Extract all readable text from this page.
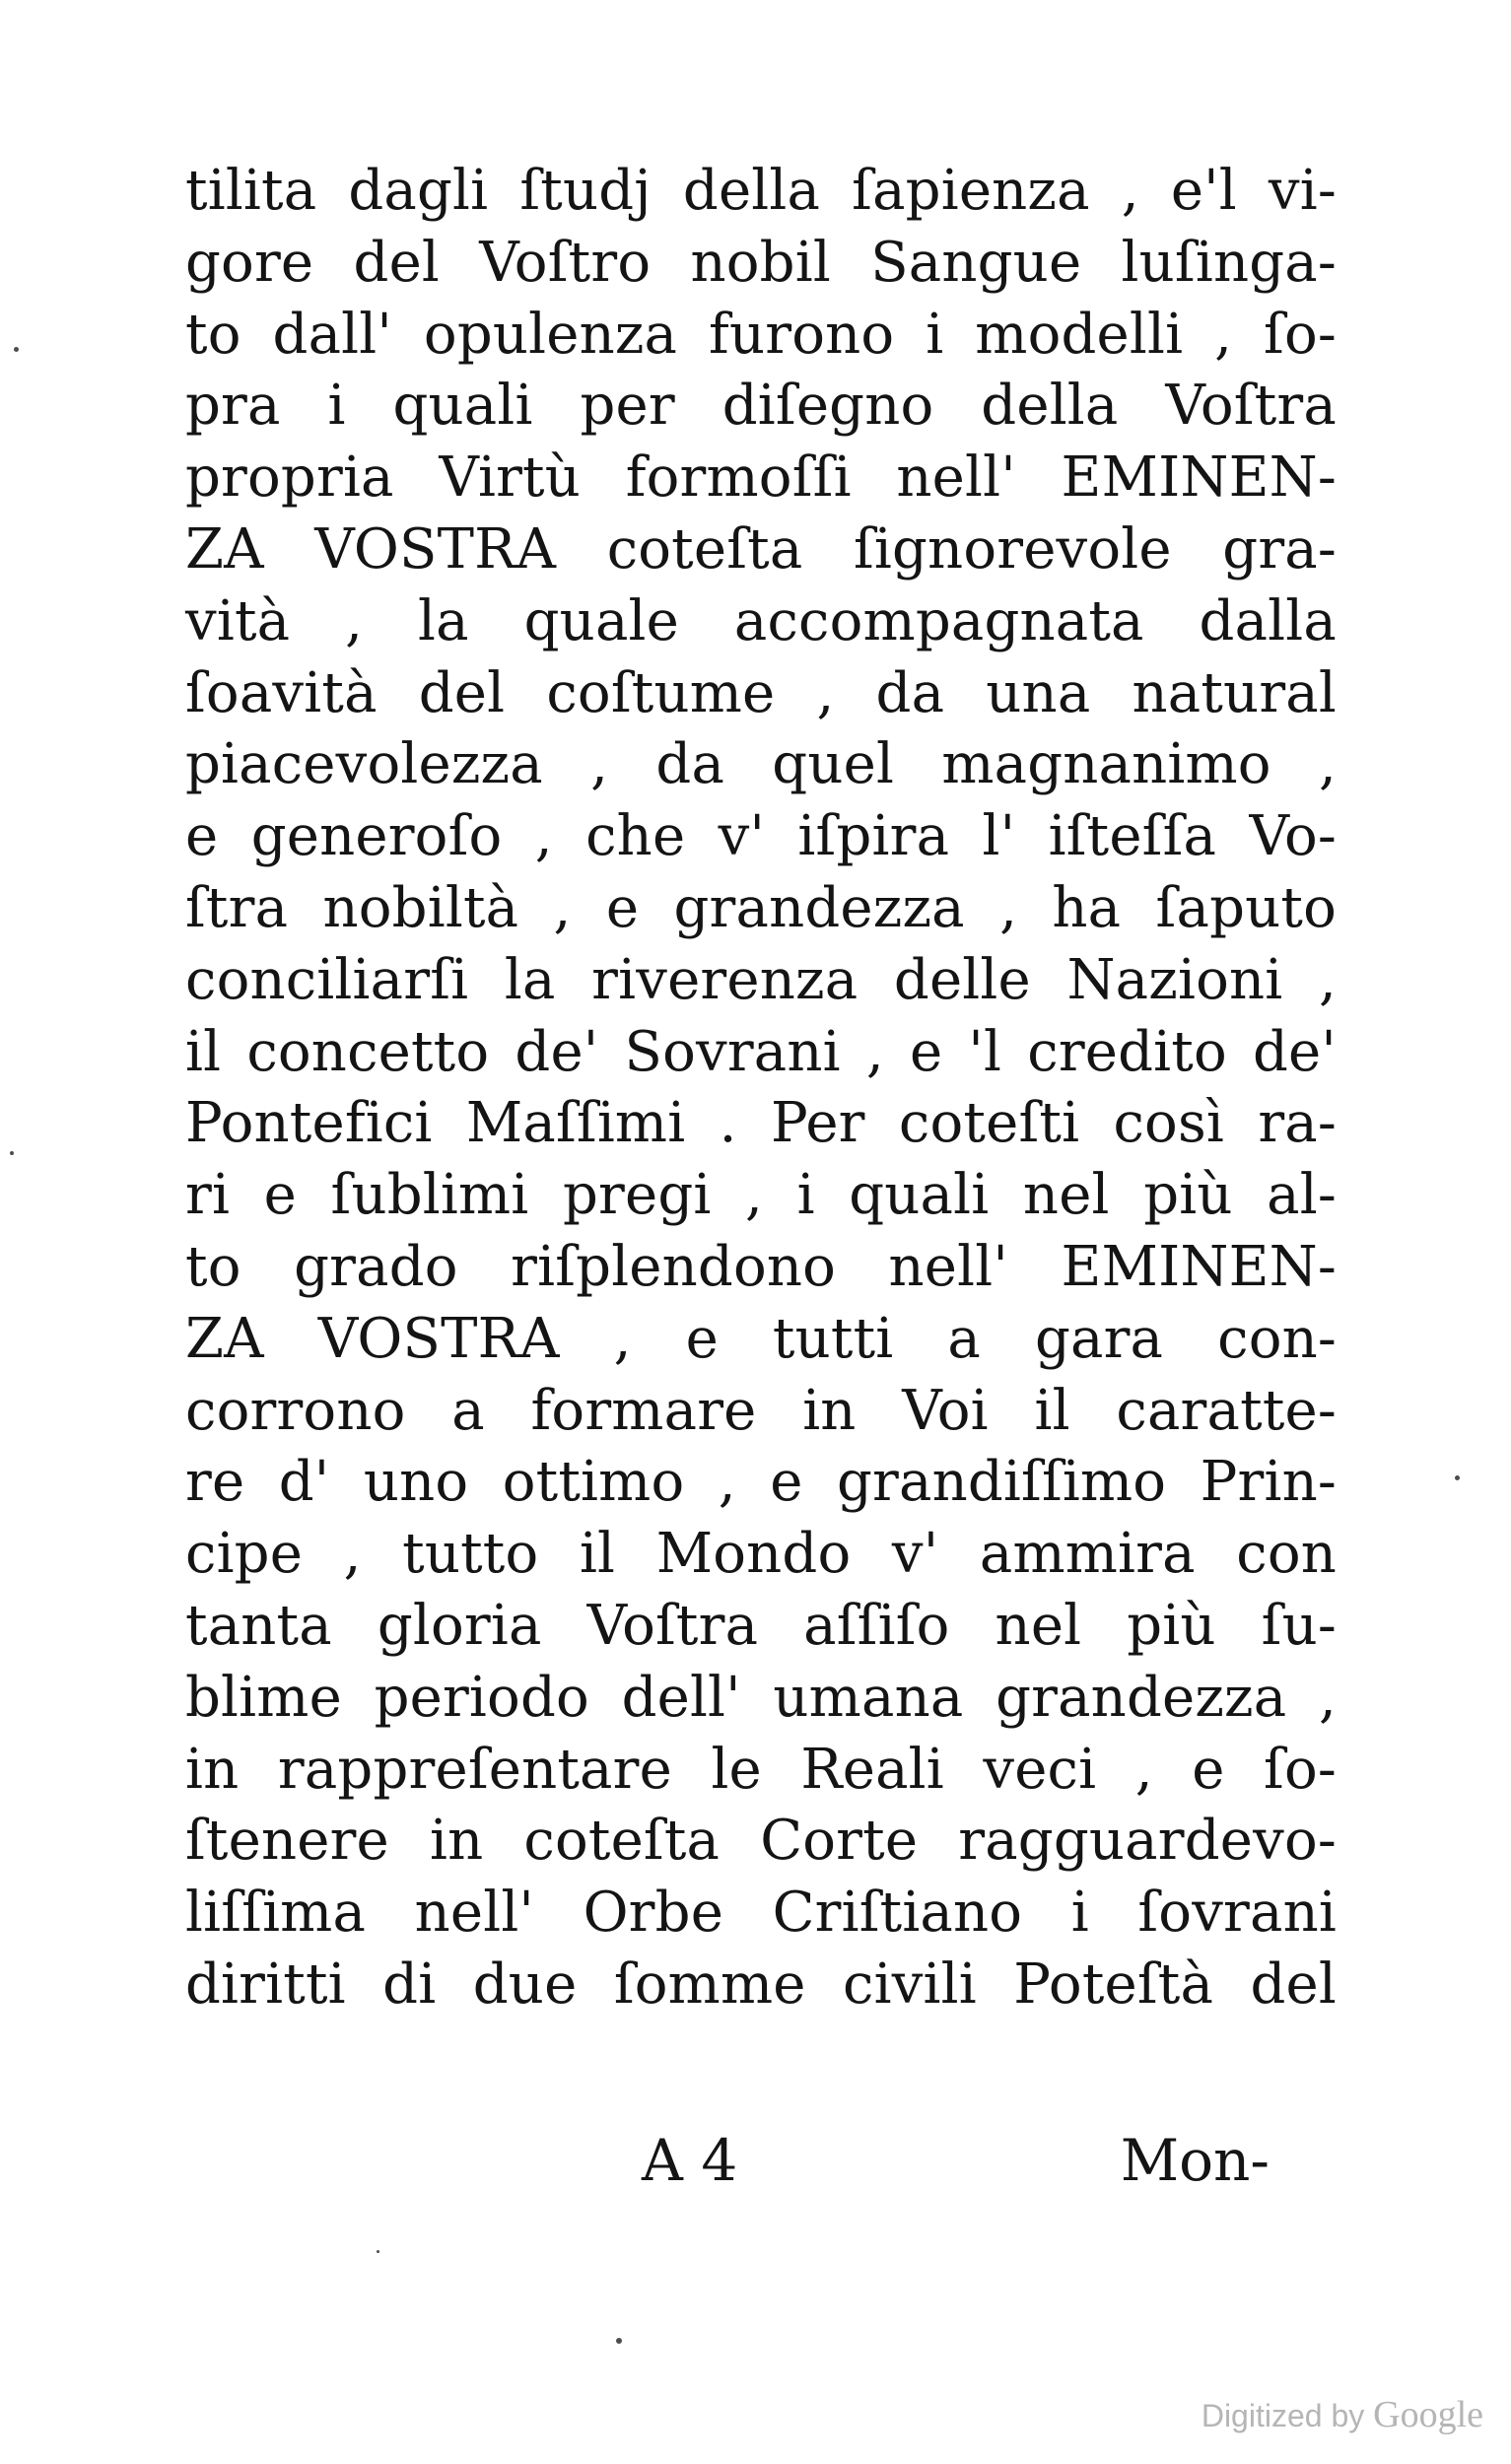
tilita dagli ſtudj della ſapienza , e'l vi-
gore del Voſtro nobil Sangue luſinga-
to dall' opulenza furono i modelli , ſo-
pra i quali per diſegno della Voſtra
propria Virtù formoſſi nell' EMINEN-
ZA VOSTRA coteſta ſignorevole gra-
vità , la quale accompagnata dalla
ſoavità del coſtume , da una natural
piacevolezza , da quel magnanimo ,
e generoſo , che v' iſpira l' iſteſſa Vo-
ſtra nobiltà , e grandezza , ha ſaputo
conciliarſi la riverenza delle Nazioni ,
il concetto de' Sovrani , e 'l credito de'
Pontefici Maſſimi . Per coteſti così ra-
ri e ſublimi pregi , i quali nel più al-
to grado riſplendono nell' EMINEN-
ZA VOSTRA , e tutti a gara con-
corrono a formare in Voi il caratte-
re d' uno ottimo , e grandiſſimo Prin-
cipe , tutto il Mondo v' ammira con
tanta gloria Voſtra aſſiſo nel più ſu-
blime periodo dell' umana grandezza ,
in rappreſentare le Reali veci , e ſo-
ſtenere in coteſta Corte ragguardevo-
liſſima nell' Orbe Criſtiano i ſovrani
diritti di due ſomme civili Poteſtà del
A 4	Mon-
Digitized by Google
